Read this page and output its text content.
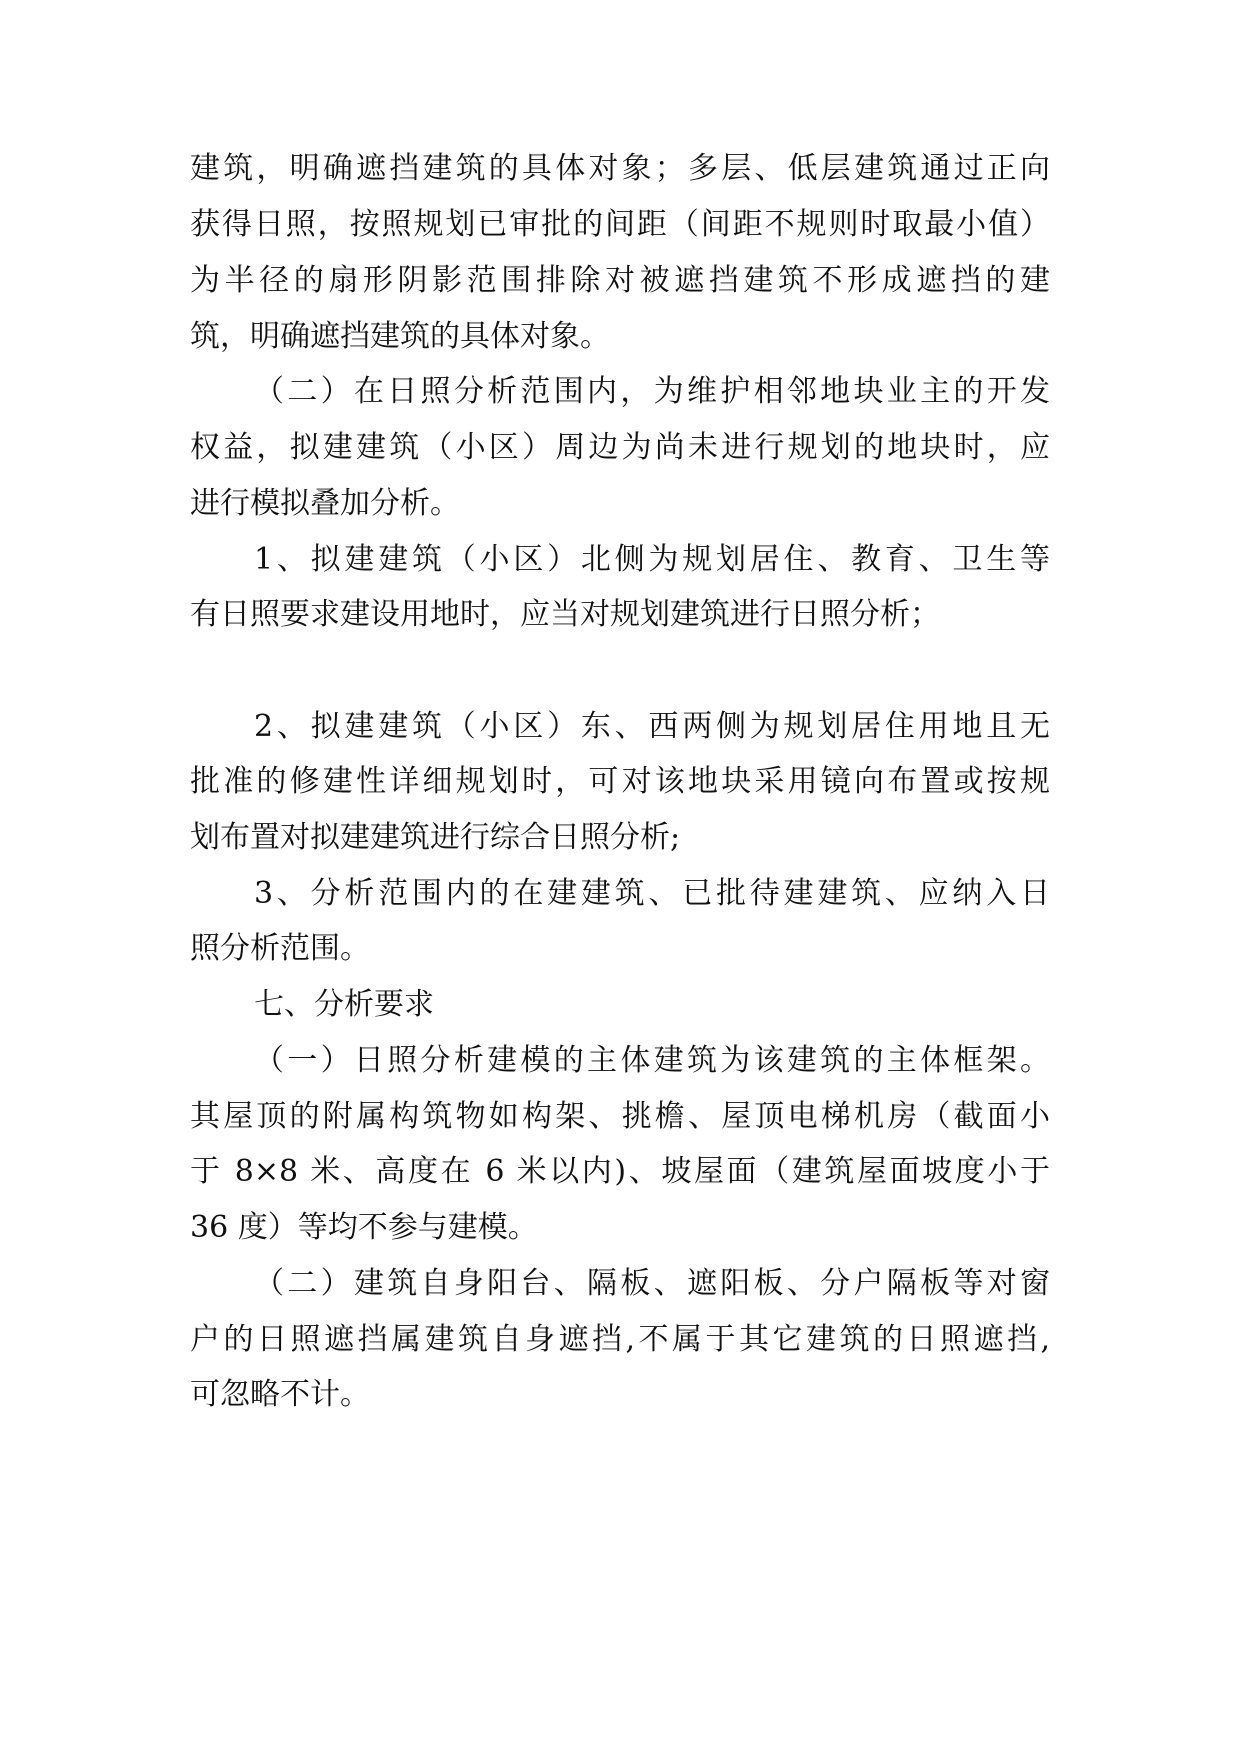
建筑，明确遮挡建筑的具体对象；多层、低层建筑通过正向
获得日照，按照规划已审批的间距（间距不规则时取最小值）
为半径的扇形阴影范围排除对被遮挡建筑不形成遮挡的建
筑，明确遮挡建筑的具体对象。
（二）在日照分析范围内，为维护相邻地块业主的开发
权益，拟建建筑（小区）周边为尚未进行规划的地块时，应
进行模拟叠加分析。
1、拟建建筑（小区）北侧为规划居住、教育、卫生等
有日照要求建设用地时，应当对规划建筑进行日照分析；
2、拟建建筑（小区）东、西两侧为规划居住用地且无
批准的修建性详细规划时，可对该地块采用镜向布置或按规
划布置对拟建建筑进行综合日照分析;
3、分析范围内的在建建筑、已批待建建筑、应纳入日
照分析范围。
七、分析要求
（一）日照分析建模的主体建筑为该建筑的主体框架。
其屋顶的附属构筑物如构架、挑檐、屋顶电梯机房（截面小
于 8×8 米、高度在 6 米以内)、坡屋面（建筑屋面坡度小于
36 度）等均不参与建模。
（二）建筑自身阳台、隔板、遮阳板、分户隔板等对窗
户的日照遮挡属建筑自身遮挡,不属于其它建筑的日照遮挡,
可忽略不计。
